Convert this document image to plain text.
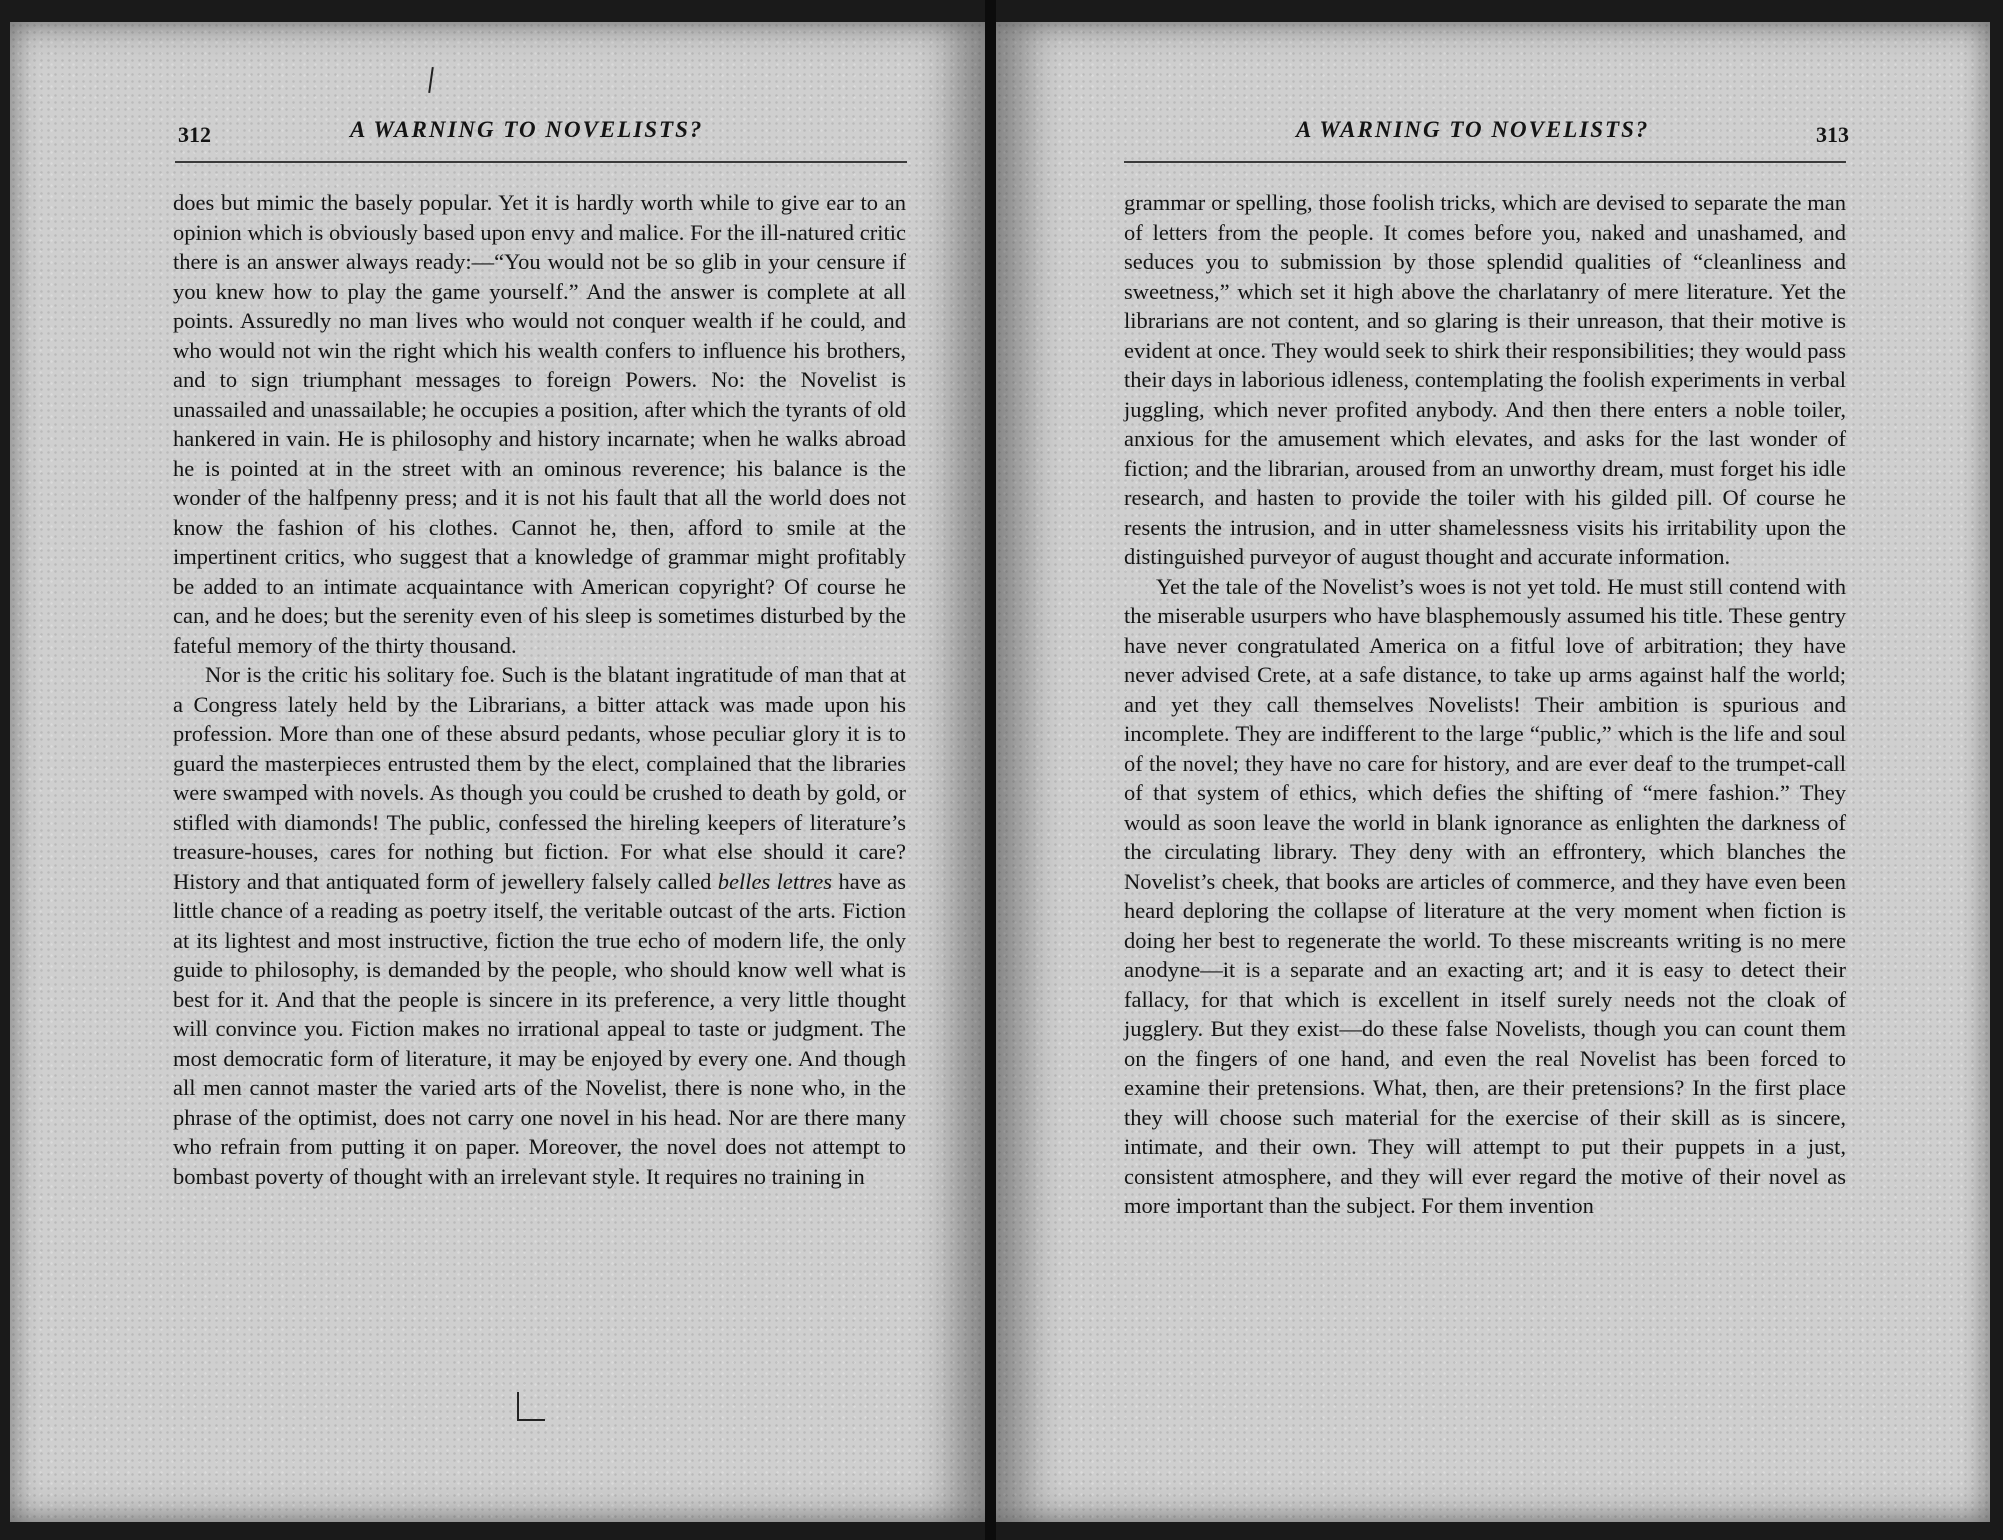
312	A WARNING TO NOVELISTS?

does but mimic the basely popular. Yet it is hardly worth while to give ear to an opinion which is obviously based upon envy and malice. For the ill-natured critic there is an answer always ready:—“You would not be so glib in your censure if you knew how to play the game yourself.” And the answer is complete at all points. Assuredly no man lives who would not conquer wealth if he could, and who would not win the right which his wealth confers to influence his brothers, and to sign triumphant messages to foreign Powers. No: the Novelist is unassailed and unassailable; he occupies a position, after which the tyrants of old hankered in vain. He is philosophy and history incarnate; when he walks abroad he is pointed at in the street with an ominous reverence; his balance is the wonder of the halfpenny press; and it is not his fault that all the world does not know the fashion of his clothes. Cannot he, then, afford to smile at the impertinent critics, who suggest that a knowledge of grammar might profitably be added to an intimate acquaintance with American copyright? Of course he can, and he does; but the serenity even of his sleep is sometimes disturbed by the fateful memory of the thirty thousand.

Nor is the critic his solitary foe. Such is the blatant ingratitude of man that at a Congress lately held by the Librarians, a bitter attack was made upon his profession. More than one of these absurd pedants, whose peculiar glory it is to guard the masterpieces entrusted them by the elect, complained that the libraries were swamped with novels. As though you could be crushed to death by gold, or stifled with diamonds! The public, confessed the hireling keepers of literature’s treasure-houses, cares for nothing but fiction. For what else should it care? History and that antiquated form of jewellery falsely called belles lettres have as little chance of a reading as poetry itself, the veritable outcast of the arts. Fiction at its lightest and most instructive, fiction the true echo of modern life, the only guide to philosophy, is demanded by the people, who should know well what is best for it. And that the people is sincere in its preference, a very little thought will convince you. Fiction makes no irrational appeal to taste or judgment. The most democratic form of literature, it may be enjoyed by every one. And though all men cannot master the varied arts of the Novelist, there is none who, in the phrase of the optimist, does not carry one novel in his head. Nor are there many who refrain from putting it on paper. Moreover, the novel does not attempt to bombast poverty of thought with an irrelevant style. It requires no training in

A WARNING TO NOVELISTS?	313

grammar or spelling, those foolish tricks, which are devised to separate the man of letters from the people. It comes before you, naked and unashamed, and seduces you to submission by those splendid qualities of “cleanliness and sweetness,” which set it high above the charlatanry of mere literature. Yet the librarians are not content, and so glaring is their unreason, that their motive is evident at once. They would seek to shirk their responsibilities; they would pass their days in laborious idleness, contemplating the foolish experiments in verbal juggling, which never profited anybody. And then there enters a noble toiler, anxious for the amusement which elevates, and asks for the last wonder of fiction; and the librarian, aroused from an unworthy dream, must forget his idle research, and hasten to provide the toiler with his gilded pill. Of course he resents the intrusion, and in utter shamelessness visits his irritability upon the distinguished purveyor of august thought and accurate information.

Yet the tale of the Novelist’s woes is not yet told. He must still contend with the miserable usurpers who have blasphemously assumed his title. These gentry have never congratulated America on a fitful love of arbitration; they have never advised Crete, at a safe distance, to take up arms against half the world; and yet they call themselves Novelists! Their ambition is spurious and incomplete. They are indifferent to the large “public,” which is the life and soul of the novel; they have no care for history, and are ever deaf to the trumpet-call of that system of ethics, which defies the shifting of “mere fashion.” They would as soon leave the world in blank ignorance as enlighten the darkness of the circulating library. They deny with an effrontery, which blanches the Novelist’s cheek, that books are articles of commerce, and they have even been heard deploring the collapse of literature at the very moment when fiction is doing her best to regenerate the world. To these miscreants writing is no mere anodyne—it is a separate and an exacting art; and it is easy to detect their fallacy, for that which is excellent in itself surely needs not the cloak of jugglery. But they exist—do these false Novelists, though you can count them on the fingers of one hand, and even the real Novelist has been forced to examine their pretensions. What, then, are their pretensions? In the first place they will choose such material for the exercise of their skill as is sincere, intimate, and their own. They will attempt to put their puppets in a just, consistent atmosphere, and they will ever regard the motive of their novel as more important than the subject. For them invention
